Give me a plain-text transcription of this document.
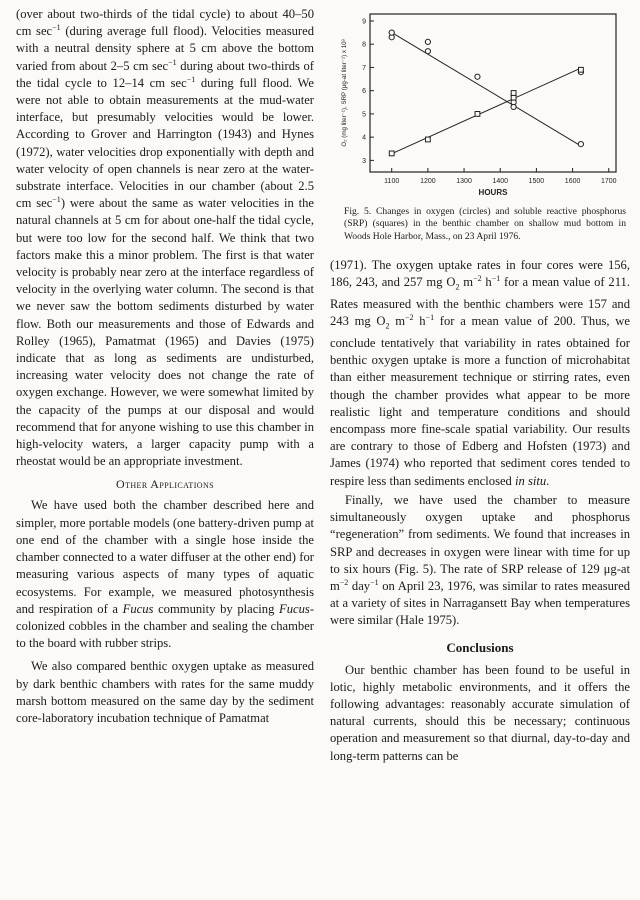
(over about two-thirds of the tidal cycle) to about 40–50 cm $\sec^{-1}$ (during average full flood). Velocities measured with a neutral density sphere at 5 cm above the bottom varied from about 2–5 cm $\sec^{-1}$ during about two-thirds of the tidal cycle to 12–14 cm $\sec^{-1}$ during full flood. We were not able to obtain measurements at the mud-water interface, but presumably velocities would be lower. According to Grover and Harrington (1943) and Hynes (1972), water velocities drop exponentially with depth and water velocity of open channels is near zero at the water-substrate interface. Velocities in our chamber (about 2.5 cm $\sec^{-1}$) were about the same as water velocities in the natural channels at 5 cm for about one-half the tidal cycle, but were too low for the second half. We think that two factors make this a minor problem. The first is that water velocity is probably near zero at the interface regardless of velocity in the overlying water column. The second is that we never saw the bottom sediments disturbed by water flow. Both our measurements and those of Edwards and Rolley (1965), Pamatmat (1965) and Davies (1975) indicate that as long as sediments are undisturbed, increasing water velocity does not change the rate of oxygen exchange. However, we were somewhat limited by the capacity of the pumps at our disposal and would recommend that for anyone wishing to use this chamber in high-velocity waters, a larger capacity pump with a rheostat would be an appropriate investment.

Other Applications

We have used both the chamber described here and simpler, more portable models (one battery-driven pump at one end of the chamber with a single hose inside the chamber connected to a water diffuser at the other end) for measuring various aspects of many types of aquatic ecosystems. For example, we measured photosynthesis and respiration of a Fucus community by placing Fucus-colonized cobbles in the chamber and sealing the chamber to the board with rubber strips.

We also compared benthic oxygen uptake as measured by dark benthic chambers with rates for the same muddy marsh bottom measured on the same day by the sediment core-laboratory incubation technique of Pamatmat

1100	1200	1300	1400	1500	1600	1700
3
4
5
6
7
8
9
HOURS
O₂ (mg liter⁻¹), SRP (μg-at liter⁻¹) x 10³
Fig. 5. Changes in oxygen (circles) and soluble reactive phosphorus (SRP) (squares) in the benthic chamber on shallow mud bottom in Woods Hole Harbor, Mass., on 23 April 1976.

(1971). The oxygen uptake rates in four cores were 156, 186, 243, and 257 mg $O_2$ $m^{-2}$ $h^{-1}$ for a mean value of 211. Rates measured with the benthic chambers were 157 and 243 mg $O_2$ $m^{-2}$ $h^{-1}$ for a mean value of 200. Thus, we conclude tentatively that variability in rates obtained for benthic oxygen uptake is more a function of microhabitat than either measurement technique or stirring rates, even though the chamber provides what appear to be more realistic light and temperature conditions and should encompass more fine-scale spatial variability. Our results are contrary to those of Edberg and Hofsten (1973) and James (1974) who reported that sediment cores tended to respire less than sediments enclosed in situ.

Finally, we have used the chamber to measure simultaneously oxygen uptake and phosphorus “regeneration” from sediments. We found that increases in SRP and decreases in oxygen were linear with time for up to six hours (Fig. 5). The rate of SRP release of 129 μg-at $m^{-2}$ day$^{-1}$ on April 23, 1976, was similar to rates measured at a variety of sites in Narragansett Bay when temperatures were similar (Hale 1975).

Conclusions

Our benthic chamber has been found to be useful in lotic, highly metabolic environments, and it offers the following advantages: reasonably accurate simulation of natural currents, should this be necessary; continuous operation and measurement so that diurnal, day-to-day and long-term patterns can be
